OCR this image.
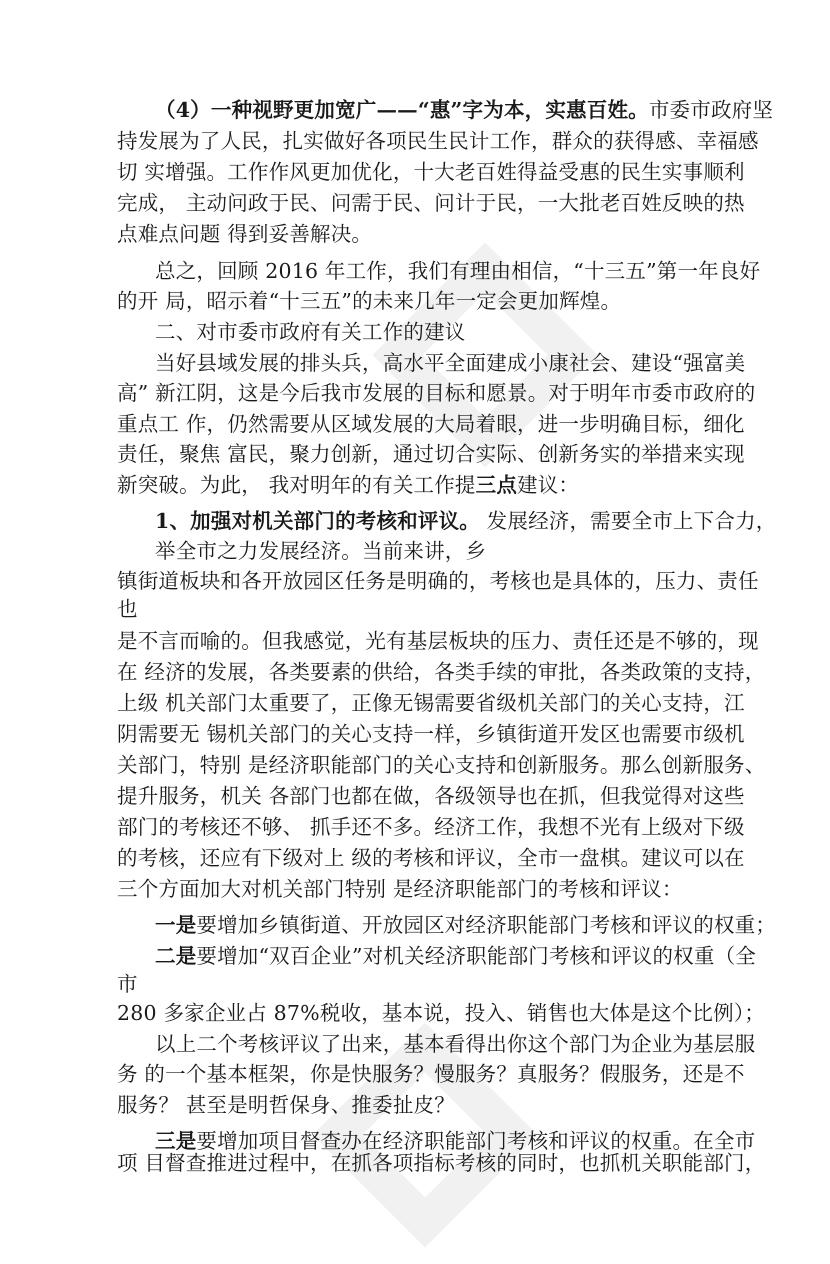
（4）一种视野更加宽广——“惠”字为本，实惠百姓。市委市政府坚
持发展为了人民，扎实做好各项民生民计工作，群众的获得感、幸福感
切 实增强。工作作风更加优化，十大老百姓得益受惠的民生实事顺利
完成， 主动问政于民、问需于民、问计于民，一大批老百姓反映的热
点难点问题 得到妥善解决。
总之，回顾 2016 年工作，我们有理由相信，“十三五”第一年良好
的开 局，昭示着“十三五”的未来几年一定会更加辉煌。
二、对市委市政府有关工作的建议
当好县域发展的排头兵，高水平全面建成小康社会、建设“强富美
高” 新江阴，这是今后我市发展的目标和愿景。对于明年市委市政府的
重点工 作，仍然需要从区域发展的大局着眼，进一步明确目标，细化
责任，聚焦 富民，聚力创新，通过切合实际、创新务实的举措来实现
新突破。为此， 我对明年的有关工作提三点建议：
1、加强对机关部门的考核和评议。 发展经济，需要全市上下合力，
举全市之力发展经济。当前来讲，乡
镇街道板块和各开放园区任务是明确的，考核也是具体的，压力、责任
也
是不言而喻的。但我感觉，光有基层板块的压力、责任还是不够的，现
在 经济的发展，各类要素的供给，各类手续的审批，各类政策的支持，
上级 机关部门太重要了，正像无锡需要省级机关部门的关心支持，江
阴需要无 锡机关部门的关心支持一样，乡镇街道开发区也需要市级机
关部门，特别 是经济职能部门的关心支持和创新服务。那么创新服务、
提升服务，机关 各部门也都在做，各级领导也在抓，但我觉得对这些
部门的考核还不够、 抓手还不多。经济工作，我想不光有上级对下级
的考核，还应有下级对上 级的考核和评议，全市一盘棋。建议可以在
三个方面加大对机关部门特别 是经济职能部门的考核和评议：
一是要增加乡镇街道、开放园区对经济职能部门考核和评议的权重；
二是要增加“双百企业”对机关经济职能部门考核和评议的权重（全
市
280 多家企业占 87%税收，基本说，投入、销售也大体是这个比例）；
以上二个考核评议了出来，基本看得出你这个部门为企业为基层服
务 的一个基本框架，你是快服务？慢服务？真服务？假服务，还是不
服务？ 甚至是明哲保身、推委扯皮？
三是要增加项目督查办在经济职能部门考核和评议的权重。在全市
项 目督查推进过程中，在抓各项指标考核的同时，也抓机关职能部门，
